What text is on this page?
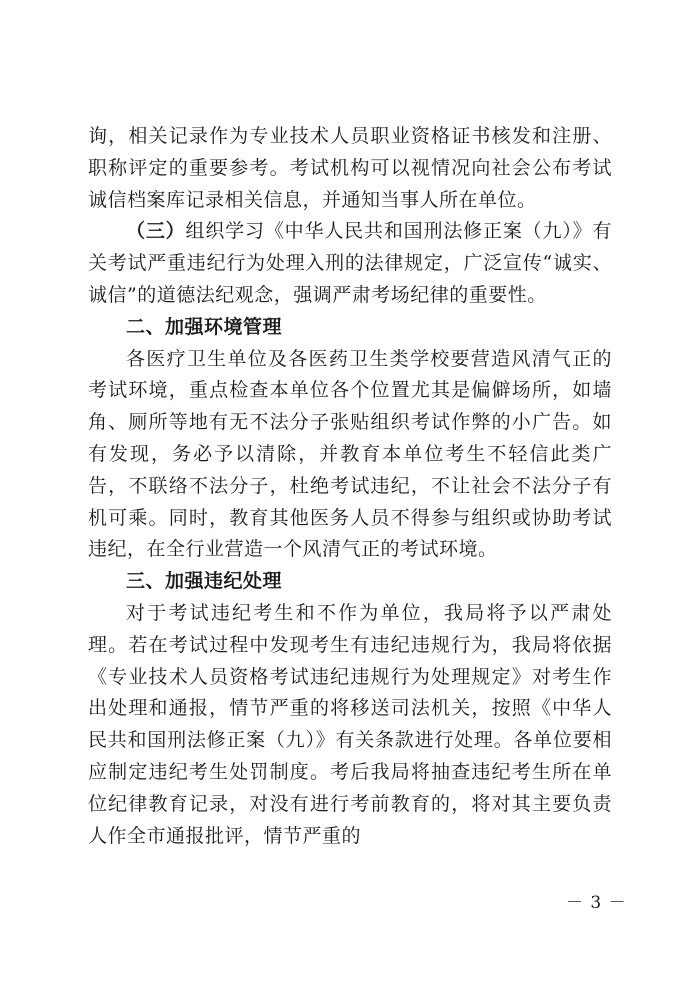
询，相关记录作为专业技术人员职业资格证书核发和注册、职称评定的重要参考。考试机构可以视情况向社会公布考试诚信档案库记录相关信息，并通知当事人所在单位。

（三）组织学习《中华人民共和国刑法修正案（九）》有关考试严重违纪行为处理入刑的法律规定，广泛宣传“诚实、诚信”的道德法纪观念，强调严肃考场纪律的重要性。

二、加强环境管理

各医疗卫生单位及各医药卫生类学校要营造风清气正的考试环境，重点检查本单位各个位置尤其是偏僻场所，如墙角、厕所等地有无不法分子张贴组织考试作弊的小广告。如有发现，务必予以清除，并教育本单位考生不轻信此类广告，不联络不法分子，杜绝考试违纪，不让社会不法分子有机可乘。同时，教育其他医务人员不得参与组织或协助考试违纪，在全行业营造一个风清气正的考试环境。

三、加强违纪处理

对于考试违纪考生和不作为单位，我局将予以严肃处理。若在考试过程中发现考生有违纪违规行为，我局将依据《专业技术人员资格考试违纪违规行为处理规定》对考生作出处理和通报，情节严重的将移送司法机关，按照《中华人民共和国刑法修正案（九）》有关条款进行处理。各单位要相应制定违纪考生处罚制度。考后我局将抽查违纪考生所在单位纪律教育记录，对没有进行考前教育的，将对其主要负责人作全市通报批评，情节严重的

－ 3 －
